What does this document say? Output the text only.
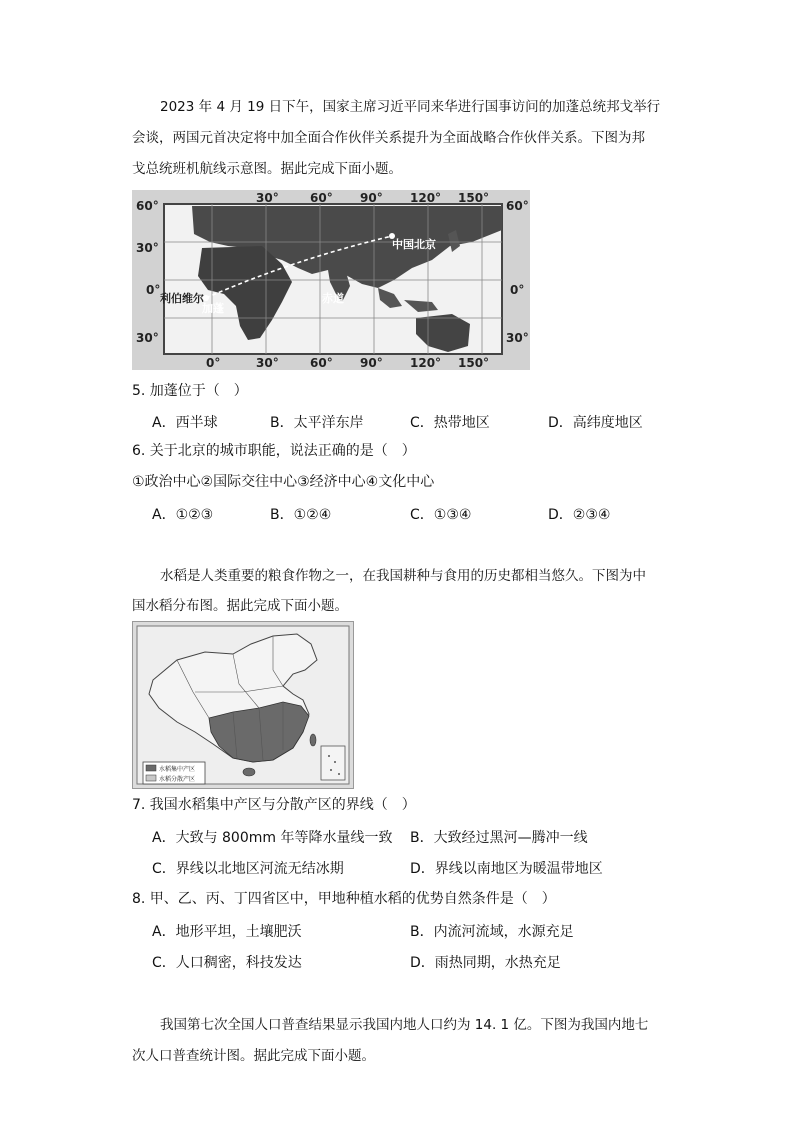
2023 年 4 月 19 日下午，国家主席习近平同来华进行国事访问的加蓬总统邦戈举行
会谈，两国元首决定将中加全面合作伙伴关系提升为全面战略合作伙伴关系。下图为邦
戈总统班机航线示意图。据此完成下面小题。
60°
30°
0°
30°
60°
0°
30°
30°	60° 90° 120° 150°
0°	30°	60° 90° 120° 150°
中国北京
赤道
利伯维尔
加蓬
5. 加蓬位于（　）
A．西半球	B．太平洋东岸	C．热带地区	D．高纬度地区
6. 关于北京的城市职能，说法正确的是（　）
①政治中心②国际交往中心③经济中心④文化中心
A．①②③	B．①②④	C．①③④	D．②③④
水稻是人类重要的粮食作物之一，在我国耕种与食用的历史都相当悠久。下图为中
国水稻分布图。据此完成下面小题。
水稻集中产区
水稻分散产区
7. 我国水稻集中产区与分散产区的界线（　）
A．大致与 800mm 年等降水量线一致 B．大致经过黑河—腾冲一线
C．界线以北地区河流无结冰期	D．界线以南地区为暖温带地区
8. 甲、乙、丙、丁四省区中，甲地种植水稻的优势自然条件是（　）
A．地形平坦，土壤肥沃	B．内流河流域，水源充足
C．人口稠密，科技发达	D．雨热同期，水热充足
我国第七次全国人口普查结果显示我国内地人口约为 14. 1 亿。下图为我国内地七
次人口普查统计图。据此完成下面小题。
